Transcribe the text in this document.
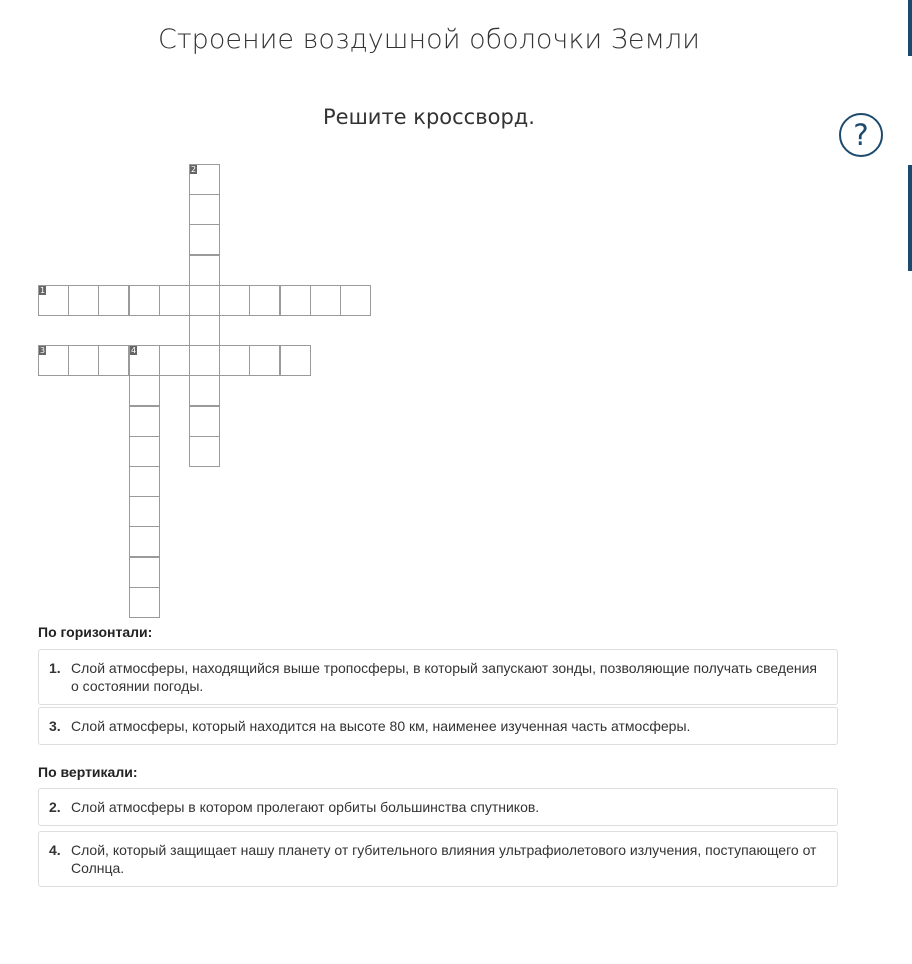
Строение воздушной оболочки Земли
Решите кроссворд.
?
1
2
3	4
По горизонтали:
1. Слой атмосферы, находящийся выше тропосферы, в который запускают зонды, позволяющие получать сведения о состоянии погоды.
3. Слой атмосферы, который находится на высоте 80 км, наименее изученная часть атмосферы.
По вертикали:
2. Слой атмосферы в котором пролегают орбиты большинства спутников.
4. Слой, который защищает нашу планету от губительного влияния ультрафиолетового излучения, поступающего от Солнца.
